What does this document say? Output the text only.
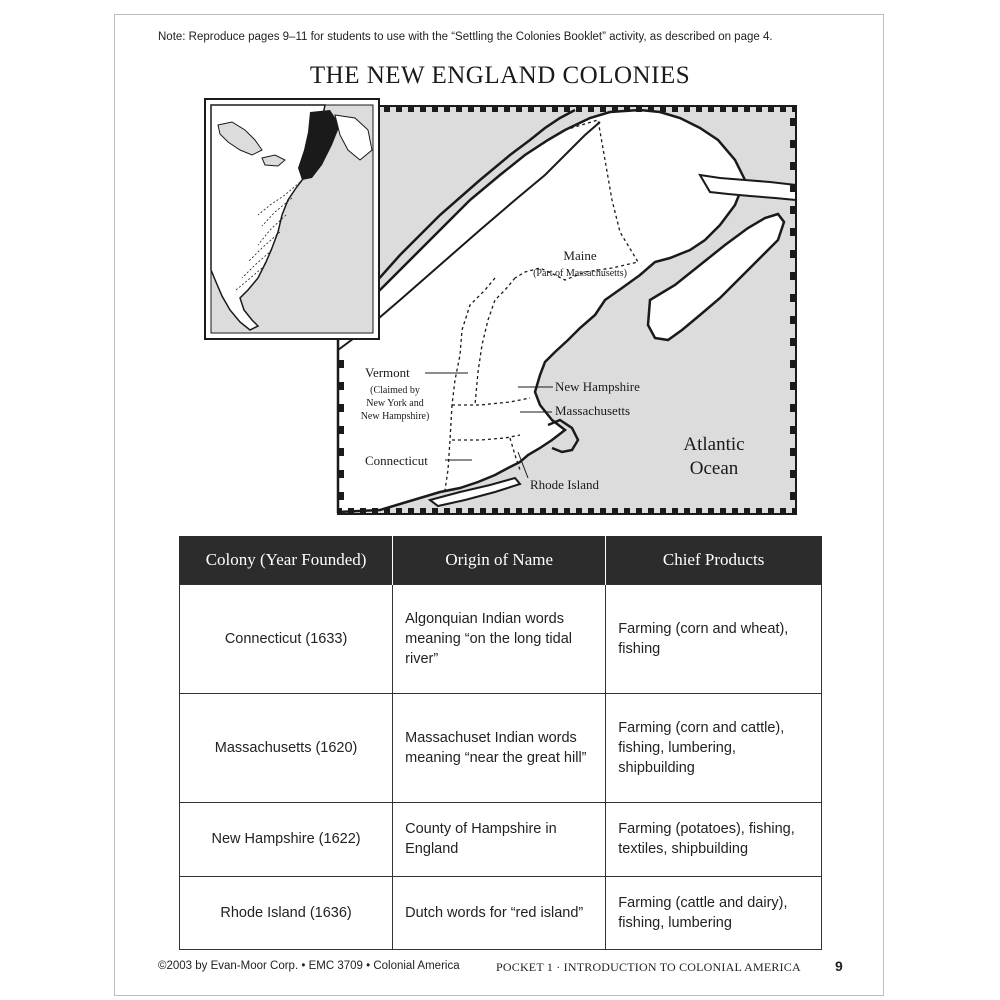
Note: Reproduce pages 9–11 for students to use with the “Settling the Colonies Booklet” activity, as described on page 4.
THE NEW ENGLAND COLONIES
Maine
(Part of Massachusetts)
Vermont
(Claimed by
New York and
New Hampshire)
New Hampshire
Massachusetts
Connecticut
Rhode Island
Atlantic
Ocean
Colony (Year Founded)	Origin of Name	Chief Products
Connecticut (1633)	Algonquian Indian words meaning “on the long tidal river”	Farming (corn and wheat), fishing
Massachusetts (1620)	Massachuset Indian words meaning “near the great hill”	Farming (corn and cattle), fishing, lumbering, shipbuilding
New Hampshire (1622)	County of Hampshire in England	Farming (potatoes), fishing, textiles, shipbuilding
Rhode Island (1636)	Dutch words for “red island”	Farming (cattle and dairy), fishing, lumbering
©2003 by Evan-Moor Corp. • EMC 3709 • Colonial America	POCKET 1 · INTRODUCTION TO COLONIAL AMERICA 9
